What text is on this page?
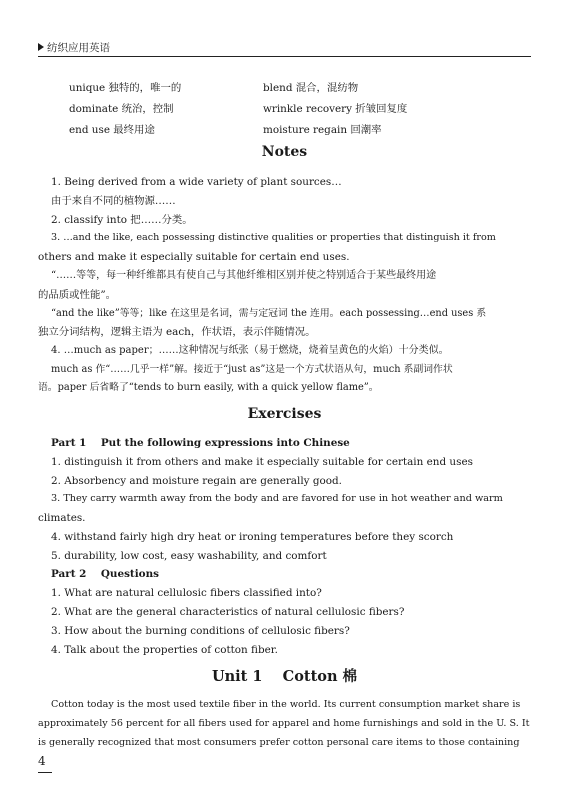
纺织应用英语
unique 独特的，唯一的	blend 混合，混纺物
dominate 统治，控制	wrinkle recovery 折皱回复度
end use 最终用途	moisture regain 回潮率
Notes
1. Being derived from a wide variety of plant sources…
由于来自不同的植物源……
2. classify into 把……分类。
3. …and the like, each possessing distinctive qualities or properties that distinguish it from
others and make it especially suitable for certain end uses.
“……等等，每一种纤维都具有使自己与其他纤维相区别并使之特别适合于某些最终用途
的品质或性能”。
“and the like”等等；like 在这里是名词，需与定冠词 the 连用。each possessing…end uses 系
独立分词结构，逻辑主语为 each，作状语，表示伴随情况。
4. …much as paper；……这种情况与纸张（易于燃烧，烧着呈黄色的火焰）十分类似。
much as 作“……几乎一样”解。接近于“just as”这是一个方式状语从句，much 系副词作状
语。paper 后省略了“tends to burn easily, with a quick yellow flame”。
Exercises
Part 1    Put the following expressions into Chinese
1. distinguish it from others and make it especially suitable for certain end uses
2. Absorbency and moisture regain are generally good.
3. They carry warmth away from the body and are favored for use in hot weather and warm
climates.
4. withstand fairly high dry heat or ironing temperatures before they scorch
5. durability, low cost, easy washability, and comfort
Part 2    Questions
1. What are natural cellulosic fibers classified into?
2. What are the general characteristics of natural cellulosic fibers?
3. How about the burning conditions of cellulosic fibers?
4. Talk about the properties of cotton fiber.
Unit 1    Cotton 棉
Cotton today is the most used textile fiber in the world. Its current consumption market share is
approximately 56 percent for all fibers used for apparel and home furnishings and sold in the U. S. It
is generally recognized that most consumers prefer cotton personal care items to those containing
4
